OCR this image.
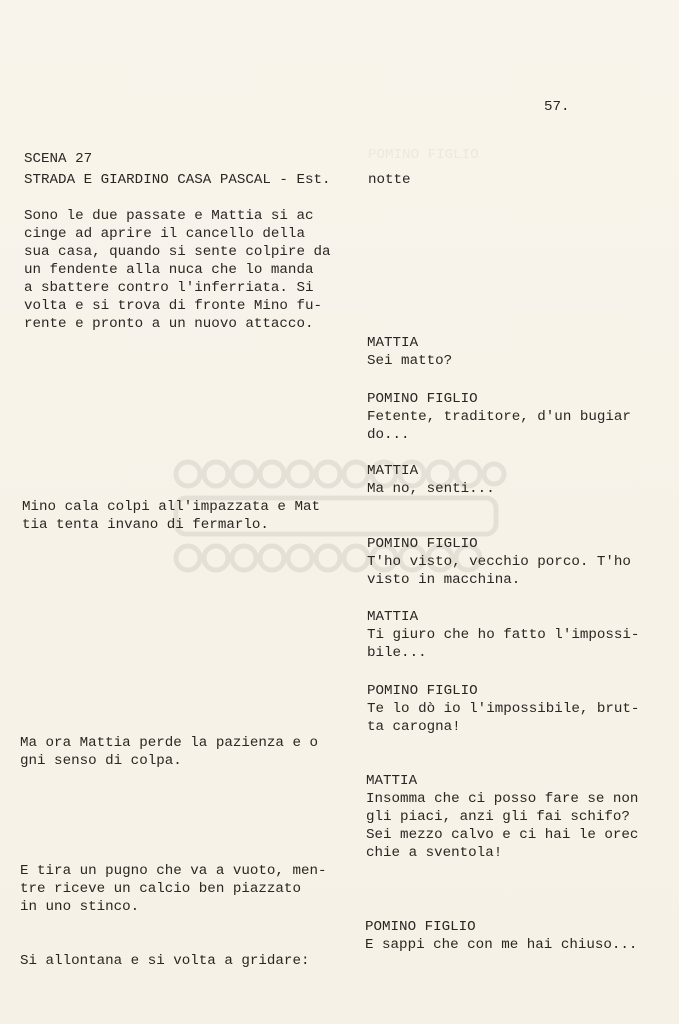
POMINO FIGLIO
57.
SCENA 27
STRADA E GIARDINO CASA PASCAL - Est.	notte
Sono le due passate e Mattia si ac
cinge ad aprire il cancello della
sua casa, quando si sente colpire da
un fendente alla nuca che lo manda
a sbattere contro l'inferriata. Si
volta e si trova di fronte Mino fu-
rente e pronto a un nuovo attacco.
Mino cala colpi all'impazzata e Mat
tia tenta invano di fermarlo.
Ma ora Mattia perde la pazienza e o
gni senso di colpa.
E tira un pugno che va a vuoto, men-
tre riceve un calcio ben piazzato
in uno stinco.
Si allontana e si volta a gridare:
MATTIA
Sei matto?
POMINO FIGLIO
Fetente, traditore, d'un bugiar
do...
MATTIA
Ma no, senti...
POMINO FIGLIO
T'ho visto, vecchio porco. T'ho
visto in macchina.
MATTIA
Ti giuro che ho fatto l'impossi-
bile...
POMINO FIGLIO
Te lo dò io l'impossibile, brut-
ta carogna!
MATTIA
Insomma che ci posso fare se non
gli piaci, anzi gli fai schifo?
Sei mezzo calvo e ci hai le orec
chie a sventola!
POMINO FIGLIO
E sappi che con me hai chiuso...
